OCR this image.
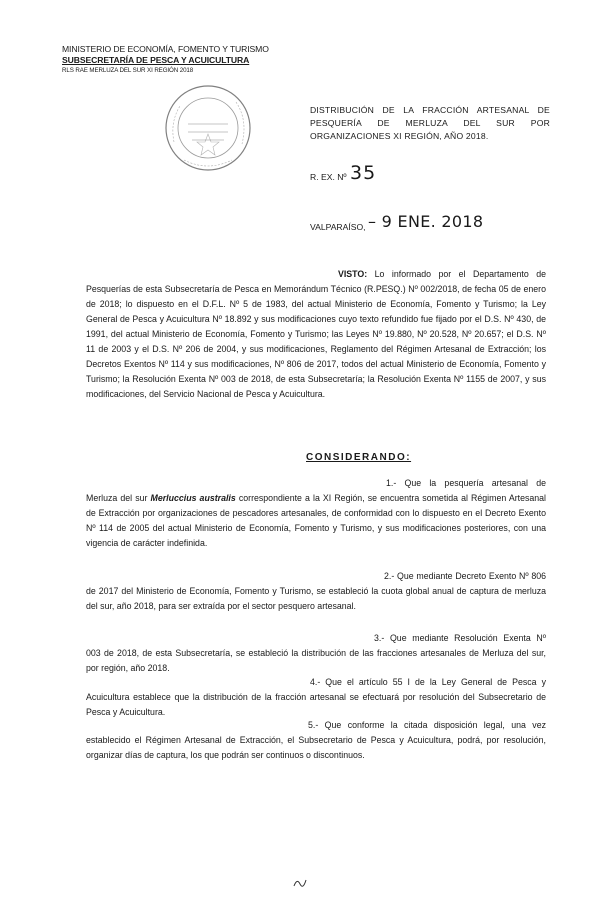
MINISTERIO DE ECONOMÍA, FOMENTO Y TURISMO
SUBSECRETARÍA DE PESCA Y ACUICULTURA
RLS RAE MERLUZA DEL SUR XI REGIÓN 2018
DISTRIBUCIÓN DE LA FRACCIÓN ARTESANAL DE PESQUERÍA DE MERLUZA DEL SUR POR ORGANIZACIONES XI REGIÓN, AÑO 2018.
R. EX. Nº 35
VALPARAÍSO, – 9 ENE. 2018
VISTO: Lo informado por el Departamento de Pesquerías de esta Subsecretaría de Pesca en Memorándum Técnico (R.PESQ.) Nº 002/2018, de fecha 05 de enero de 2018; lo dispuesto en el D.F.L. Nº 5 de 1983, del actual Ministerio de Economía, Fomento y Turismo; la Ley General de Pesca y Acuicultura Nº 18.892 y sus modificaciones cuyo texto refundido fue fijado por el D.S. Nº 430, de 1991, del actual Ministerio de Economía, Fomento y Turismo; las Leyes Nº 19.880, Nº 20.528, Nº 20.657; el D.S. Nº 11 de 2003 y el D.S. Nº 206 de 2004, y sus modificaciones, Reglamento del Régimen Artesanal de Extracción; los Decretos Exentos Nº 114 y sus modificaciones, Nº 806 de 2017, todos del actual Ministerio de Economía, Fomento y Turismo; la Resolución Exenta Nº 003 de 2018, de esta Subsecretaría; la Resolución Exenta Nº 1155 de 2007, y sus modificaciones, del Servicio Nacional de Pesca y Acuicultura.
CONSIDERANDO:
1.- Que la pesquería artesanal de Merluza del sur Merluccius australis correspondiente a la XI Región, se encuentra sometida al Régimen Artesanal de Extracción por organizaciones de pescadores artesanales, de conformidad con lo dispuesto en el Decreto Exento Nº 114 de 2005 del actual Ministerio de Economía, Fomento y Turismo, y sus modificaciones posteriores, con una vigencia de carácter indefinida.
2.- Que mediante Decreto Exento Nº 806 de 2017 del Ministerio de Economía, Fomento y Turismo, se estableció la cuota global anual de captura de merluza del sur, año 2018, para ser extraída por el sector pesquero artesanal.
3.- Que mediante Resolución Exenta Nº 003 de 2018, de esta Subsecretaría, se estableció la distribución de las fracciones artesanales de Merluza del sur, por región, año 2018.
4.- Que el artículo 55 I de la Ley General de Pesca y Acuicultura establece que la distribución de la fracción artesanal se efectuará por resolución del Subsecretario de Pesca y Acuicultura.
5.- Que conforme la citada disposición legal, una vez establecido el Régimen Artesanal de Extracción, el Subsecretario de Pesca y Acuicultura, podrá, por resolución, organizar días de captura, los que podrán ser continuos o discontinuos.
